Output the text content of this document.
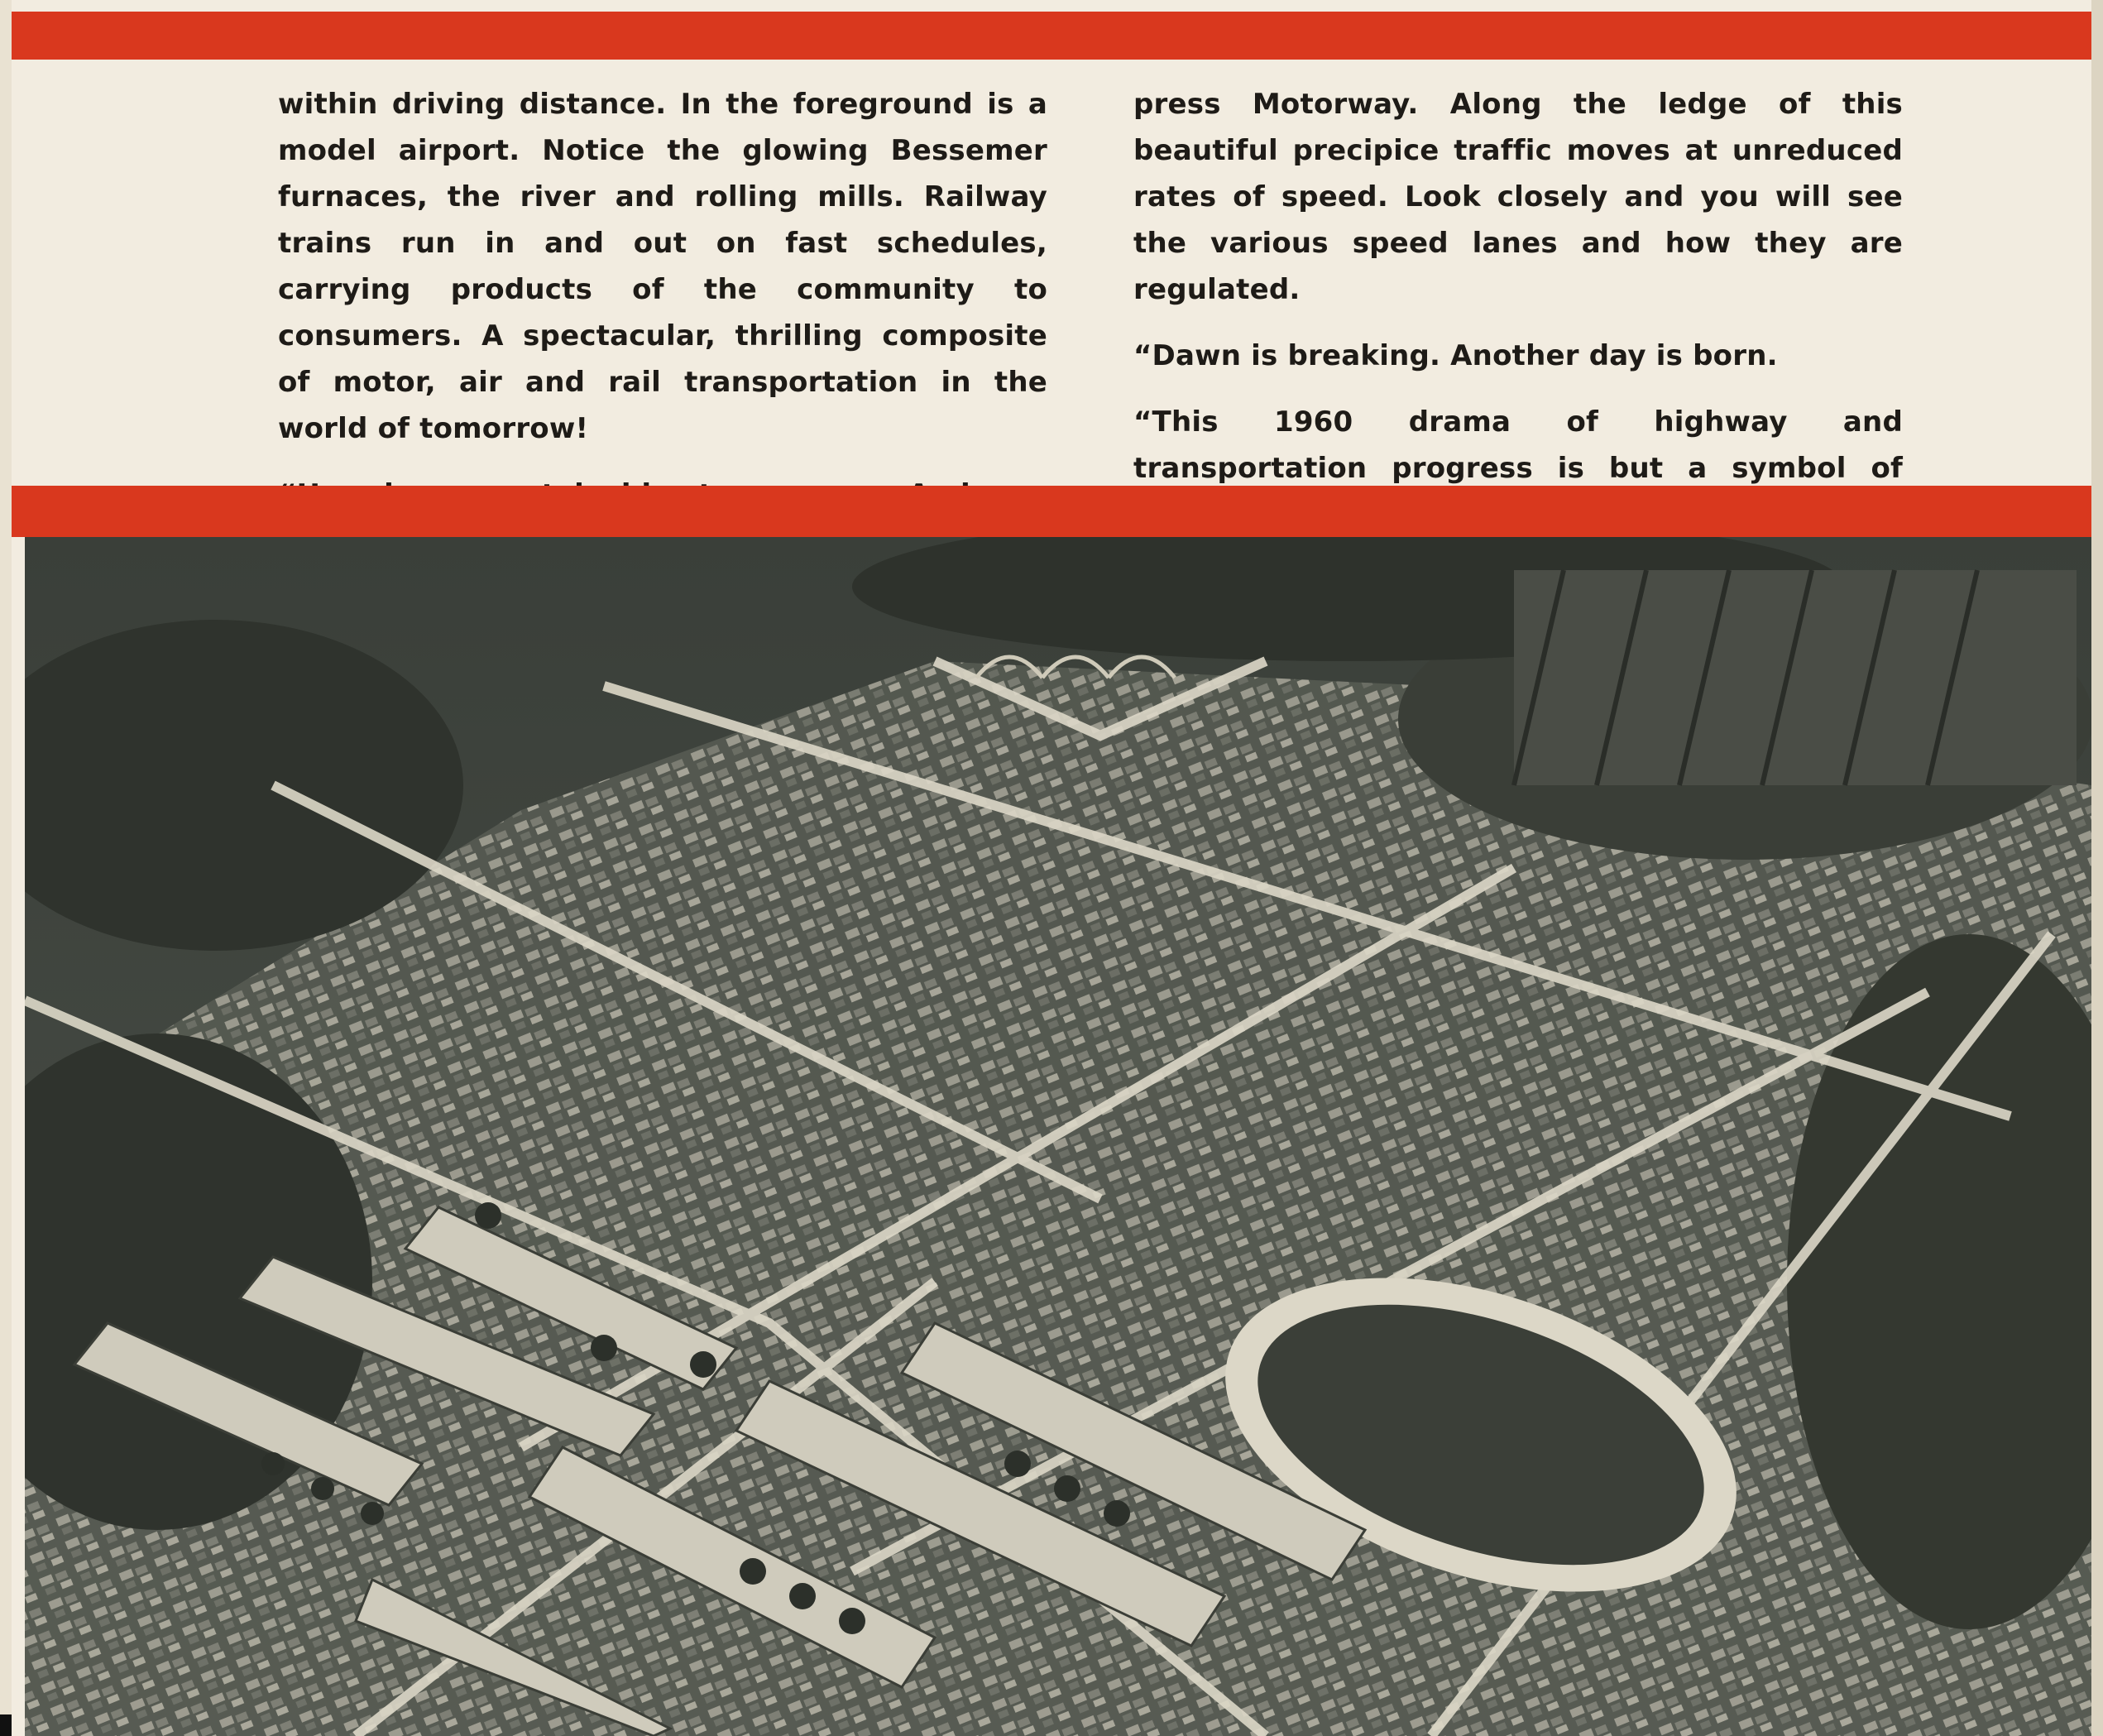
within driving distance. In the foreground is a model airport. Notice the glowing Bessemer furnaces, the river and rolling mills. Railway trains run in and out on fast schedules, carrying products of the community to consumers. A spectacular, thrilling composite of motor, air and rail transportation in the world of tomorrow!

press Motorway. Along the ledge of this beautiful precipice traffic moves at unreduced rates of speed. Look closely and you will see the various speed lanes and how they are regulated.

“Dawn is breaking. Another day is born.

“This 1960 drama of highway and transportation progress is but a symbol of
